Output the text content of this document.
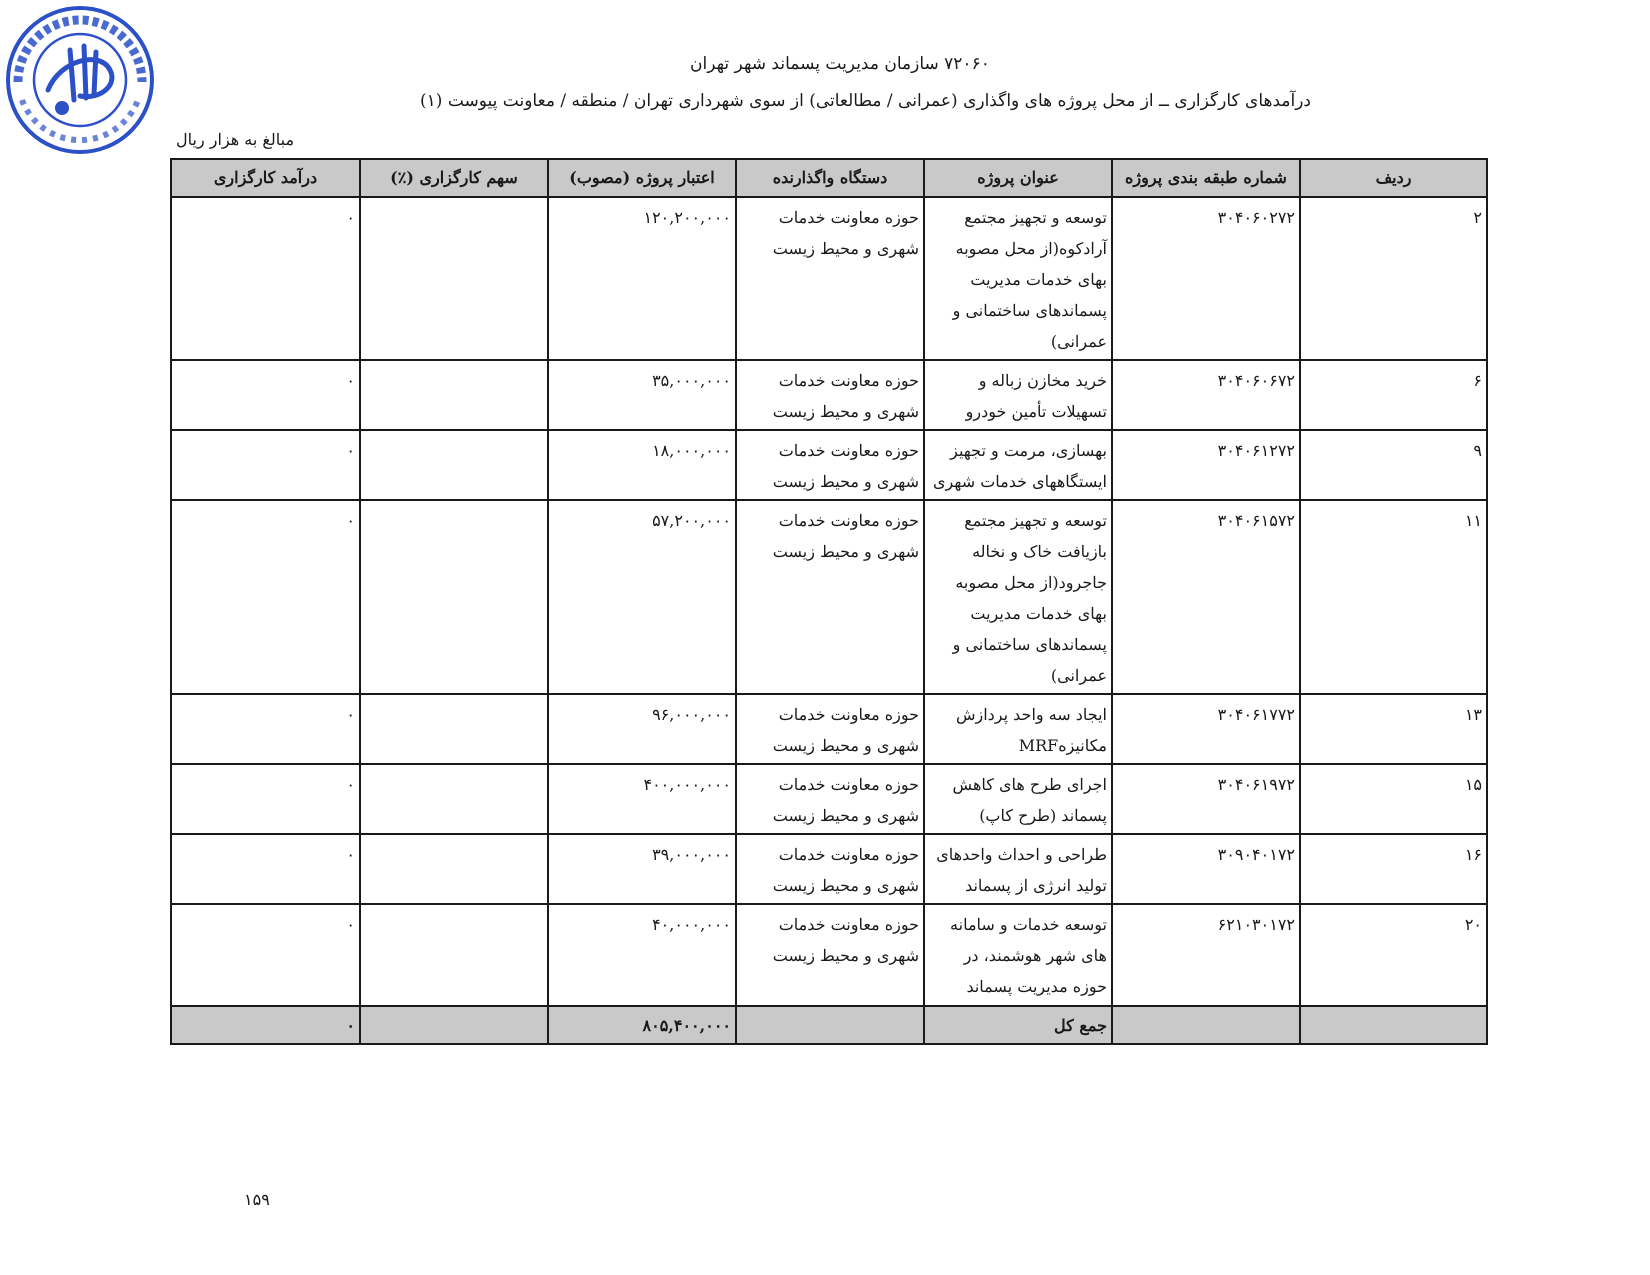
۷۲۰۶۰ سازمان مدیریت پسماند شهر تهران
درآمدهای کارگزاری ــ از محل پروژه های واگذاری (عمرانی / مطالعاتی) از سوی شهرداری تهران / منطقه / معاونت پیوست (۱)
مبالغ به هزار ریال
ردیف	شماره طبقه بندی پروژه	عنوان پروژه	دستگاه واگذارنده	اعتبار پروژه (مصوب)	سهم کارگزاری (٪)	درآمد کارگزاری
۲	۳۰۴۰۶۰۲۷۲	توسعه و تجهیز مجتمع آرادکوه(از محل مصوبه بهای خدمات مدیریت پسماندهای ساختمانی و عمرانی)	حوزه معاونت خدمات شهری و محیط زیست	۱۲۰,۲۰۰,۰۰۰		۰
۶	۳۰۴۰۶۰۶۷۲	خرید مخازن زباله و تسهیلات تأمین خودرو	حوزه معاونت خدمات شهری و محیط زیست	۳۵,۰۰۰,۰۰۰		۰
۹	۳۰۴۰۶۱۲۷۲	بهسازی، مرمت و تجهیز ایستگاههای خدمات شهری	حوزه معاونت خدمات شهری و محیط زیست	۱۸,۰۰۰,۰۰۰		۰
۱۱	۳۰۴۰۶۱۵۷۲	توسعه و تجهیز مجتمع بازیافت خاک و نخاله جاجرود(از محل مصوبه بهای خدمات مدیریت پسماندهای ساختمانی و عمرانی)	حوزه معاونت خدمات شهری و محیط زیست	۵۷,۲۰۰,۰۰۰		۰
۱۳	۳۰۴۰۶۱۷۷۲	ایجاد سه واحد پردازش مکانیزهMRF	حوزه معاونت خدمات شهری و محیط زیست	۹۶,۰۰۰,۰۰۰		۰
۱۵	۳۰۴۰۶۱۹۷۲	اجرای طرح های کاهش پسماند (طرح کاپ)	حوزه معاونت خدمات شهری و محیط زیست	۴۰۰,۰۰۰,۰۰۰		۰
۱۶	۳۰۹۰۴۰۱۷۲	طراحی و احداث واحدهای تولید انرژی از پسماند	حوزه معاونت خدمات شهری و محیط زیست	۳۹,۰۰۰,۰۰۰		۰
۲۰	۶۲۱۰۳۰۱۷۲	توسعه خدمات و سامانه های شهر هوشمند، در حوزه مدیریت پسماند	حوزه معاونت خدمات شهری و محیط زیست	۴۰,۰۰۰,۰۰۰		۰
		جمع کل		۸۰۵,۴۰۰,۰۰۰		۰
۱۵۹
